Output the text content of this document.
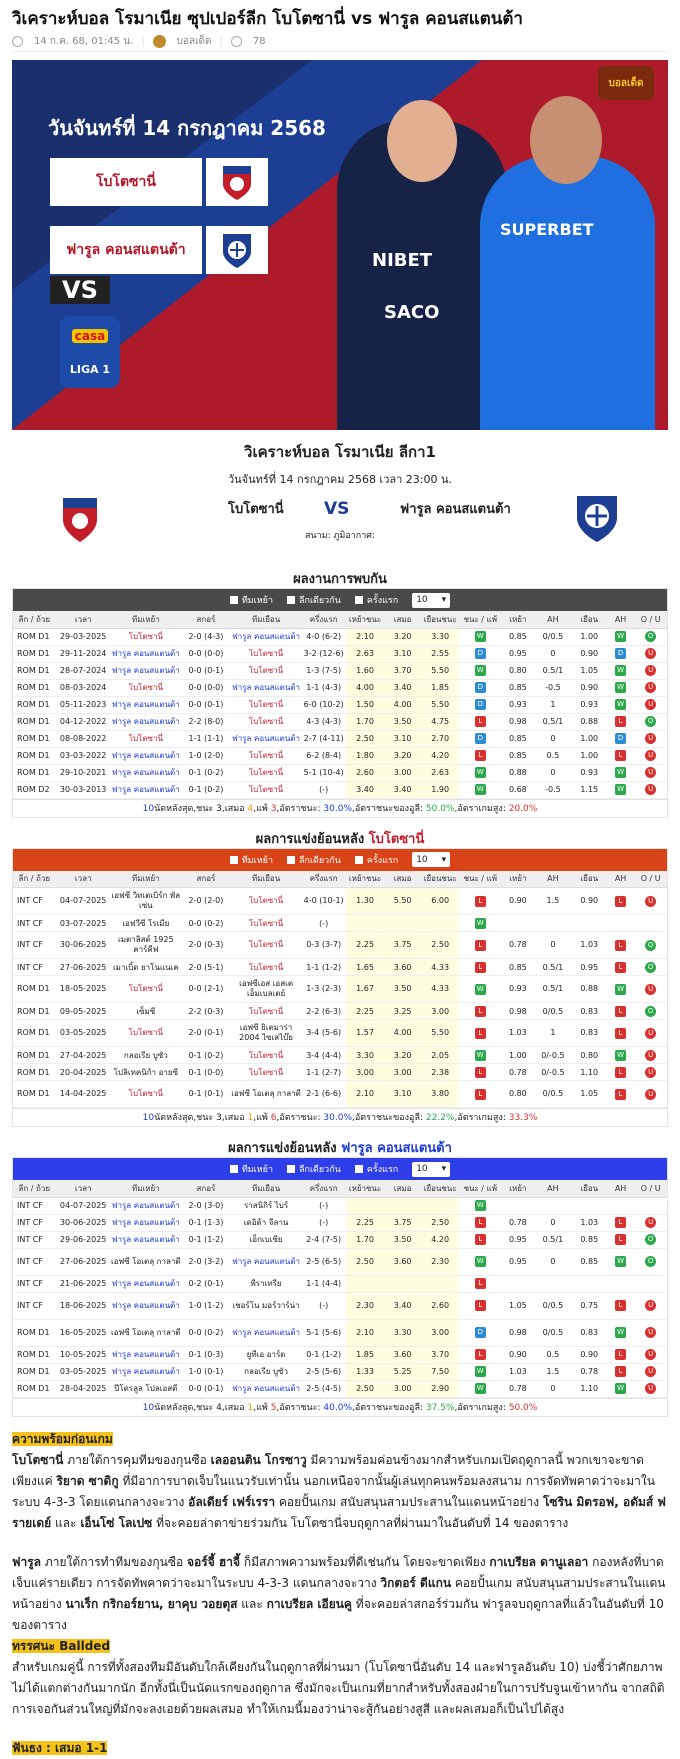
วิเคราะห์บอล โรมาเนีย ซุปเปอร์ลีก โบโตซานี่ vs ฟารูล คอนสแตนต้า
14 ก.ค. 68, 01:45 น. |	บอลเด็ด |	78
วันจันทร์ที่ 14 กรกฎาคม 2568
โบโตซานี่
VS
ฟารูล คอนสแตนต้า
casa
LIGA 1
NIBET
SACO
SUPERBET
บอลเด็ด
วิเคราะห์บอล โรมาเนีย ลีกา1
วันจันทร์ที่ 14 กรกฎาคม 2568 เวลา 23:00 น.
โบโตซานี่ VS	ฟารูล คอนสแตนต้า
สนาม: ภูมิอากาศ:
ผลงานการพบกัน
ทีมเหย้า	ลีกเดียวกัน	ครั้งแรก 10 ▾
ลีก / ถ้วย	เวลา	ทีมเหย้า	สกอร์	ทีมเยือน	ครึ่งแรก	เหย้าชนะ	เสมอ	เยือนชนะ	ชนะ / แพ้	เหย้า	AH	เยือน	AH	O / U
ROM D1	29-03-2025	โบโตซานี่	2-0 (4-3)	ฟารูล คอนสแตนต้า	4-0 (6-2)	2.10	3.20	3.30	W	0.85	0/0.5	1.00	W	O
ROM D1	29-11-2024	ฟารูล คอนสแตนต้า	0-0 (0-0)	โบโตซานี่	3-2 (12-6)	2.63	3.10	2.55	D	0.95	0	0.90	D	U
ROM D1	28-07-2024	ฟารูล คอนสแตนต้า	0-0 (0-1)	โบโตซานี่	1-3 (7-5)	1.60	3.70	5.50	W	0.80	0.5/1	1.05	W	U
ROM D1	08-03-2024	โบโตซานี่	0-0 (0-0)	ฟารูล คอนสแตนต้า	1-1 (4-3)	4.00	3.40	1.85	D	0.85	-0.5	0.90	W	U
ROM D1	05-11-2023	ฟารูล คอนสแตนต้า	0-0 (0-1)	โบโตซานี่	6-0 (10-2)	1.50	4.00	5.50	D	0.93	1	0.93	W	U
ROM D1	04-12-2022	ฟารูล คอนสแตนต้า	2-2 (8-0)	โบโตซานี่	4-3 (4-3)	1.70	3.50	4.75	L	0.98	0.5/1	0.88	L	O
ROM D1	08-08-2022	โบโตซานี่	1-1 (1-1)	ฟารูล คอนสแตนต้า	2-7 (4-11)	2.50	3.10	2.70	D	0.85	0	1.00	D	U
ROM D1	03-03-2022	ฟารูล คอนสแตนต้า	1-0 (2-0)	โบโตซานี่	6-2 (8-4)	1.80	3.20	4.20	L	0.85	0.5	1.00	L	U
ROM D1	29-10-2021	ฟารูล คอนสแตนต้า	0-1 (0-2)	โบโตซานี่	5-1 (10-4)	2.60	3.00	2.63	W	0.88	0	0.93	W	U
ROM D2	30-03-2013	ฟารูล คอนสแตนต้า	0-1 (0-2)	โบโตซานี่	(-)	3.40	3.40	1.90	W	0.68	-0.5	1.15	W	U
10นัดหลังสุด,ชนะ 3,เสมอ 4,แพ้ 3,อัตราชนะ: 30.0%,อัตราชนะของอูลี: 50.0%,อัตราเกมสูง: 20.0%
ผลการแข่งย้อนหลัง โบโตซานี่
ทีมเหย้า	ลีกเดียวกัน	ครั้งแรก 10 ▾
ลีก / ถ้วย	เวลา	ทีมเหย้า	สกอร์	ทีมเยือน	ครึ่งแรก	เหย้าชนะ	เสมอ	เยือนชนะ	ชนะ / แพ้	เหย้า	AH	เยือน	AH	O / U
INT CF	04-07-2025	เอฟซี วิทเตเบิร์ก พัลเซ่น	2-0 (2-0)	โบโตซานี่	4-0 (10-1)	1.30	5.50	6.00	L	0.90	1.5	0.90	L	U
INT CF	03-07-2025	เอฟวีซี โรเมีย	0-0 (0-2)	โบโตซานี่	(-)				W					
INT CF	30-06-2025	เมตาลิสต์ 1925 คาร์คีฟ	2-0 (0-3)	โบโตซานี่	0-3 (3-7)	2.25	3.75	2.50	L	0.78	0	1.03	L	O
INT CF	27-06-2025	เมาเบิ้ด ยาโนแนเค	2-0 (5-1)	โบโตซานี่	1-1 (1-2)	1.65	3.60	4.33	L	0.85	0.5/1	0.95	L	O
ROM D1	18-05-2025	โบโตซานี่	0-0 (2-1)	เอฟซีเอส เอสเตเอ็มเบลเตย์	1-3 (2-3)	1.67	3.50	4.33	W	0.93	0.5/1	0.88	W	U
ROM D1	09-05-2025	เซ็มซี	2-2 (0-3)	โบโตซานี่	2-2 (6-3)	2.25	3.25	3.00	L	0.98	0/0.5	0.83	L	O
ROM D1	03-05-2025	โบโตซานี่	2-0 (0-1)	เอฟซี ยิเตมาร่า 2004 ไซเสไบ๊ย	3-4 (5-6)	1.57	4.00	5.50	L	1.03	1	0.83	L	U
ROM D1	27-04-2025	กลอเรีย บูซัว	0-1 (0-2)	โบโตซานี่	3-4 (4-4)	3.30	3.20	2.05	W	1.00	0/-0.5	0.80	W	U
ROM D1	20-04-2025	โปลิเทคนิก้า อายซี	0-1 (0-0)	โบโตซานี่	1-1 (2-7)	3.00	3.00	2.38	L	0.78	0/-0.5	1.10	L	U
ROM D1	14-04-2025	โบโตซานี่	0-1 (0-1)	เอฟซี โอเตลุ กาลาตี	2-1 (6-6)	2.10	3.10	3.80	L	0.80	0/0.5	1.05	L	U
10นัดหลังสุด,ชนะ 3,เสมอ 1,แพ้ 6,อัตราชนะ: 30.0%,อัตราชนะของอูลี: 22.2%,อัตราเกมสูง: 33.3%
ผลการแข่งย้อนหลัง ฟารูล คอนสแตนต้า
ทีมเหย้า	ลีกเดียวกัน	ครั้งแรก 10 ▾
ลีก / ถ้วย	เวลา	ทีมเหย้า	สกอร์	ทีมเยือน	ครึ่งแรก	เหย้าชนะ	เสมอ	เยือนชนะ	ชนะ / แพ้	เหย้า	AH	เยือน	AH	O / U
INT CF	04-07-2025	ฟารูล คอนสแตนต้า	2-0 (3-0)	ราสนิกิร์ ไบร์	(-)				W					
INT CF	30-06-2025	ฟารูล คอนสแตนต้า	0-1 (1-3)	เดอิด้า จีลาน	(-)	2.25	3.75	2.50	L	0.78	0	1.03	L	U
INT CF	29-06-2025	ฟารูล คอนสแตนต้า	0-1 (1-2)	เอ็กเบเซีย	2-4 (7-5)	1.70	3.50	4.20	L	0.95	0.5/1	0.85	L	O
INT CF	27-06-2025	เอฟซี โอเตลุ กาลาตี	2-0 (3-2)	ฟารูล คอนสแตนต้า	2-5 (6-5)	2.50	3.60	2.30	W	0.95	0	0.85	W	O
INT CF	21-06-2025	ฟารูล คอนสแตนต้า	0-2 (0-1)	พีราเทรีย	1-1 (4-4)				L					
INT CF	18-06-2025	ฟารูล คอนสแตนต้า	1-0 (1-2)	เชอร์โน มอร์วาร์น่า	(-)	2.30	3.40	2.60	L	1.05	0/0.5	0.75	L	U
ROM D1	16-05-2025	เอฟซี โอเตลุ กาลาตี	0-0 (0-2)	ฟารูล คอนสแตนต้า	5-1 (5-6)	2.10	3.30	3.00	D	0.98	0/0.5	0.83	W	U
ROM D1	10-05-2025	ฟารูล คอนสแตนต้า	0-1 (0-3)	ยูทีเอ อาร์ด	0-1 (1-2)	1.85	3.60	3.70	L	0.90	0.5	0.90	L	U
ROM D1	03-05-2025	ฟารูล คอนสแตนต้า	1-0 (0-1)	กลอเรีย บูซัว	2-5 (5-6)	1.33	5.25	7.50	W	1.03	1.5	0.78	L	U
ROM D1	28-04-2025	ปีโตรลูล โปลเอสตี	0-0 (0-1)	ฟารูล คอนสแตนต้า	2-5 (4-5)	2.50	3.00	2.90	W	0.78	0	1.10	W	U
10นัดหลังสุด,ชนะ 4,เสมอ 1,แพ้ 5,อัตราชนะ: 40.0%,อัตราชนะของอูลี: 37.5%,อัตราเกมสูง: 50.0%
ความพร้อมก่อนเกม
โบโตซานี่ ภายใต้การคุมทีมของกุนซือ เลออนติน โกรซาวู มีความพร้อมค่อนข้างมากสำหรับเกมเปิดฤดูกาลนี้ พวกเขาจะขาดเพียงแค่ ริยาด ซาดิกู ที่มีอาการบาดเจ็บในแนวรับเท่านั้น นอกเหนือจากนั้นผู้เล่นทุกคนพร้อมลงสนาม การจัดทัพคาดว่าจะมาในระบบ 4-3-3 โดยแดนกลางจะวาง อัลเดียร์ เฟร์เรรา คอยปั้นเกม สนับสนุนสามประสานในแดนหน้าอย่าง โซริน มิตรอฟ, อดัมส์ ฟรายเดย์ และ เอ็นโซ่ โลเปซ ที่จะคอยล่าตาข่ายร่วมกัน โบโตซานี่จบฤดูกาลที่ผ่านมาในอันดับที่ 14 ของตาราง
ฟารูล ภายใต้การทำทีมของกุนซือ จอร์จี้ ฮาจี้ ก็มีสภาพความพร้อมที่ดีเช่นกัน โดยจะขาดเพียง กาเบรียล ดานูเลอา กองหลังที่บาดเจ็บแค่รายเดียว การจัดทัพคาดว่าจะมาในระบบ 4-3-3 แดนกลางจะวาง วิกตอร์ ดีแกน คอยปั้นเกม สนับสนุนสามประสานในแดนหน้าอย่าง นาเร็ก กริกอร์ยาน, ยาคุบ วอยตุส และ กาเบรียล เอียนคู ที่จะคอยล่าสกอร์ร่วมกัน ฟารูลจบฤดูกาลที่แล้วในอันดับที่ 10 ของตาราง
ทรรศนะ Ballded
สำหรับเกมคู่นี้ การที่ทั้งสองทีมมีอันดับใกล้เคียงกันในฤดูกาลที่ผ่านมา (โบโตซานี่อันดับ 14 และฟารูลอันดับ 10) บ่งชี้ว่าศักยภาพไม่ได้แตกต่างกันมากนัก อีกทั้งนี่เป็นนัดแรกของฤดูกาล ซึ่งมักจะเป็นเกมที่ยากสำหรับทั้งสองฝ่ายในการปรับจูนเข้าหากัน จากสถิติการเจอกันส่วนใหญ่ที่มักจะลงเอยด้วยผลเสมอ ทำให้เกมนี้มองว่าน่าจะสู้กันอย่างสูสี และผลเสมอก็เป็นไปได้สูง
ฟันธง : เสมอ 1-1
